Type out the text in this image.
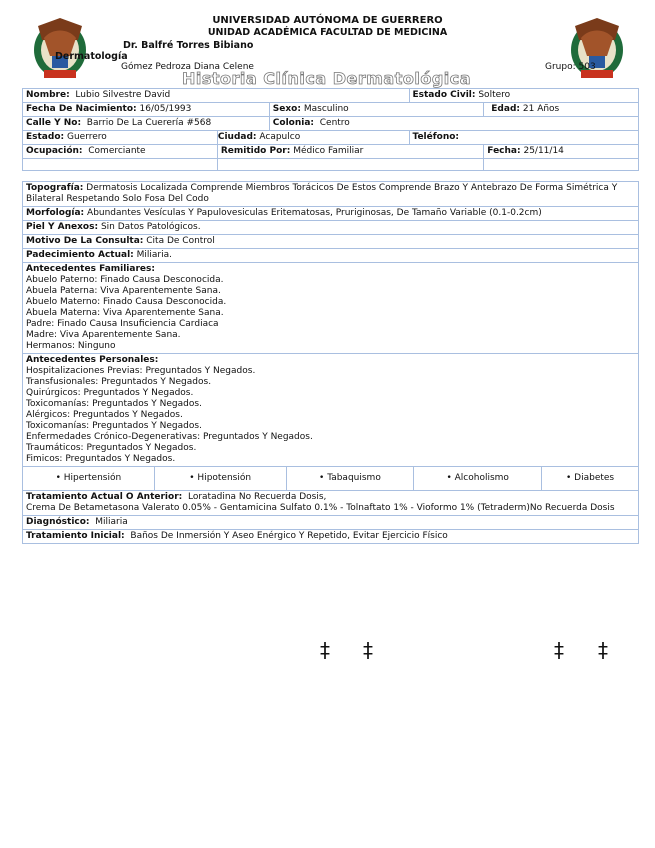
UNIVERSIDAD AUTÓNOMA DE GUERRERO
UNIDAD ACADÉMICA FACULTAD DE MEDICINA
Dr. Balfré Torres Bibiano
Dermatología
Gómez Pedroza Diana Celene	Grupo: 503
Historia Clínica Dermatológica
Nombre: Lubio Silvestre David			Estado Civil: Soltero	
Fecha De Nacimiento: 16/05/1993		Sexo: Masculino		Edad: 21 Años
Calle Y No: Barrio De La Cuerería #568		Colonia: Centro		
Estado: Guerrero	Ciudad: Acapulco		Teléfono:	
Ocupación: Comerciante	Remitido Por: Médico Familiar			Fecha: 25/11/14

Topografía: Dermatosis Localizada Comprende Miembros Torácicos De Estos Comprende Brazo Y Antebrazo De Forma Simétrica Y Bilateral Respetando Solo Fosa Del Codo
Morfología: Abundantes Vesículas Y Papulovesiculas Eritematosas, Pruriginosas, De Tamaño Variable (0.1-0.2cm)
Piel Y Anexos: Sin Datos Patológicos.
Motivo De La Consulta: Cita De Control
Padecimiento Actual: Miliaria.

Antecedentes Familiares:
Abuelo Paterno: Finado Causa Desconocida.
Abuela Paterna: Viva Aparentemente Sana.
Abuelo Materno: Finado Causa Desconocida.
Abuela Materna: Viva Aparentemente Sana.
Padre: Finado Causa Insuficiencia Cardiaca
Madre: Viva Aparentemente Sana.
Hermanos: Ninguno

Antecedentes Personales:
Hospitalizaciones Previas: Preguntados Y Negados.
Transfusionales: Preguntados Y Negados.
Quirúrgicos: Preguntados Y Negados.
Toxicomanías: Preguntados Y Negados.
Alérgicos: Preguntados Y Negados.
Toxicomanías: Preguntados Y Negados.
Enfermedades Crónico-Degenerativas: Preguntados Y Negados.
Traumáticos: Preguntados Y Negados.
Fimicos: Preguntados Y Negados.

• Hipertensión	• Hipotensión	• Tabaquismo	• Alcoholismo	• Diabetes

Tratamiento Actual O Anterior: Loratadina No Recuerda Dosis,
Crema De Betametasona Valerato 0.05% - Gentamicina Sulfato 0.1% - Tolnaftato 1% - Vioformo 1% (Tetraderm)No Recuerda Dosis

Diagnóstico: Miliaria
Tratamiento Inicial: Baños De Inmersión Y Aseo Enérgico Y Repetido, Evitar Ejercicio Físico
‡ ‡	‡ ‡
